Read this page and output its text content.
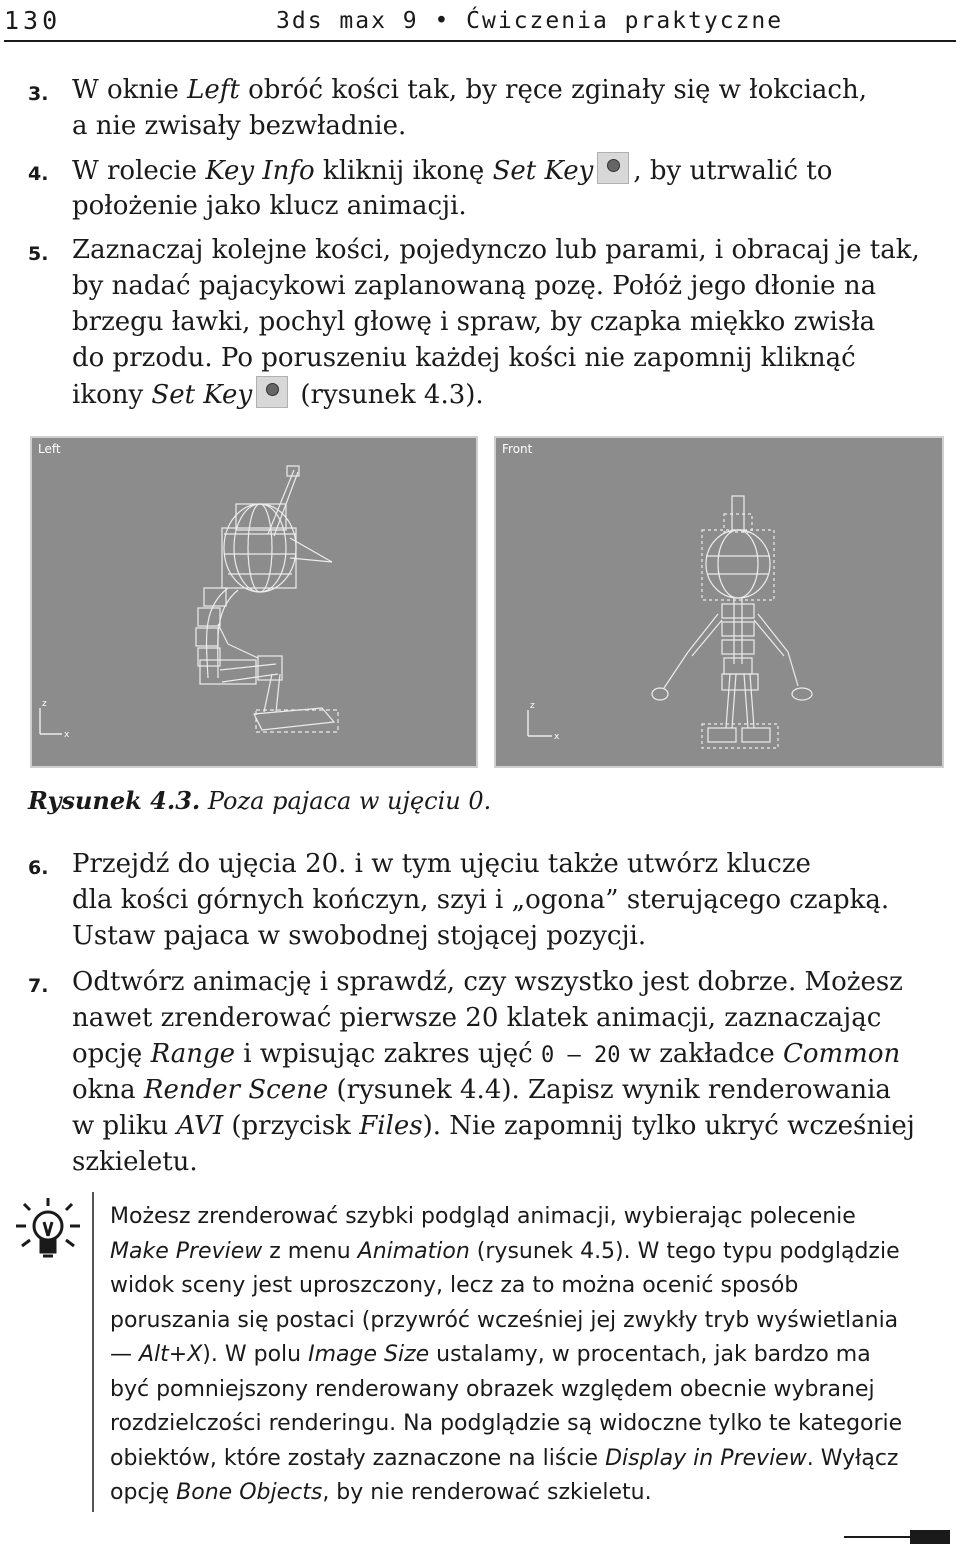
130	3ds max 9 • Ćwiczenia praktyczne
Left
z
x
Front
z
x
Rysunek 4.3. Poza pajaca w ujęciu 0.
Możesz zrenderować szybki podgląd animacji, wybierając polecenie
Make Preview z menu Animation (rysunek 4.5). W tego typu podglądzie
widok sceny jest uproszczony, lecz za to można ocenić sposób
poruszania się postaci (przywróć wcześniej jej zwykły tryb wyświetlania
— Alt+X). W polu Image Size ustalamy, w procentach, jak bardzo ma
być pomniejszony renderowany obrazek względem obecnie wybranej
rozdzielczości renderingu. Na podglądzie są widoczne tylko te kategorie
obiektów, które zostały zaznaczone na liście Display in Preview. Wyłącz
opcję Bone Objects, by nie renderować szkieletu.
3. W oknie Left obróć kości tak, by ręce zginały się w łokciach,
a nie zwisały bezwładnie.
4. W rolecie Key Info kliknij ikonę Set Key , by utrwalić to
położenie jako klucz animacji.
5. Zaznaczaj kolejne kości, pojedynczo lub parami, i obracaj je tak,
by nadać pajacykowi zaplanowaną pozę. Połóż jego dłonie na
brzegu ławki, pochyl głowę i spraw, by czapka miękko zwisła
do przodu. Po poruszeniu każdej kości nie zapomnij kliknąć
ikony Set Key (rysunek 4.3).
6. Przejdź do ujęcia 20. i w tym ujęciu także utwórz klucze
dla kości górnych kończyn, szyi i „ogona” sterującego czapką.
Ustaw pajaca w swobodnej stojącej pozycji.
7. Odtwórz animację i sprawdź, czy wszystko jest dobrze. Możesz
nawet zrenderować pierwsze 20 klatek animacji, zaznaczając
opcję Range i wpisując zakres ujęć 0 – 20 w zakładce Common
okna Render Scene (rysunek 4.4). Zapisz wynik renderowania
w pliku AVI (przycisk Files). Nie zapomnij tylko ukryć wcześniej
szkieletu.
